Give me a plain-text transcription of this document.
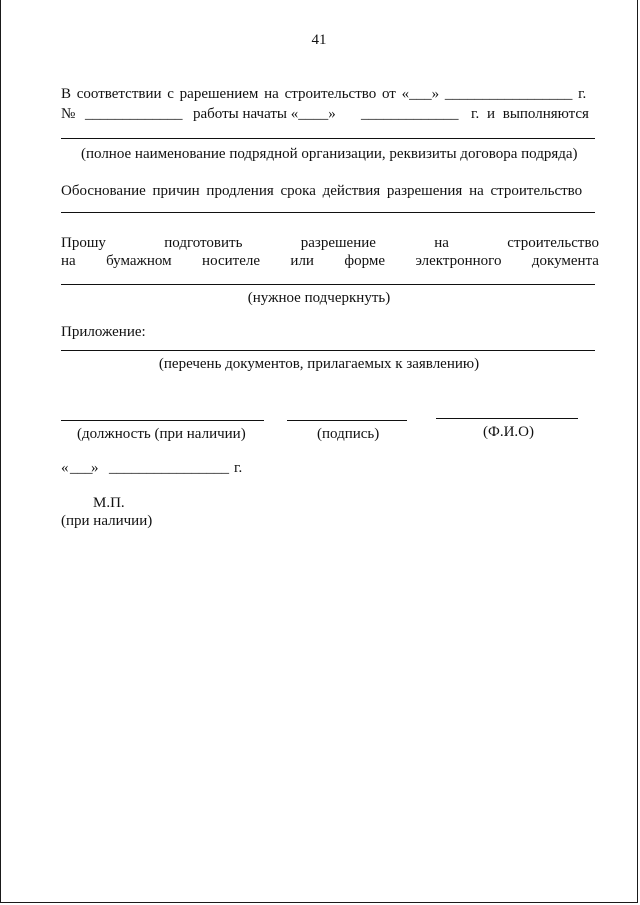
41
В соответствии с рарешением на строительство от «___» _________________ г.
№ _____________ работы начаты «____» _____________ г. и выполняются
(полное наименование подрядной организации, реквизиты договора подряда)
Обоснование причин продления срока действия разрешения на строительство
Прошу	подготовить	разрешение	на	строительство
на бумажном носителе или форме электронного документа
(нужное подчеркнуть)
Приложение:
(перечень документов, прилагаемых к заявлению)
(должность (при наличии)	(подпись)	(Ф.И.О)
« ___
» ________________ г.
М.П.
(при наличии)
